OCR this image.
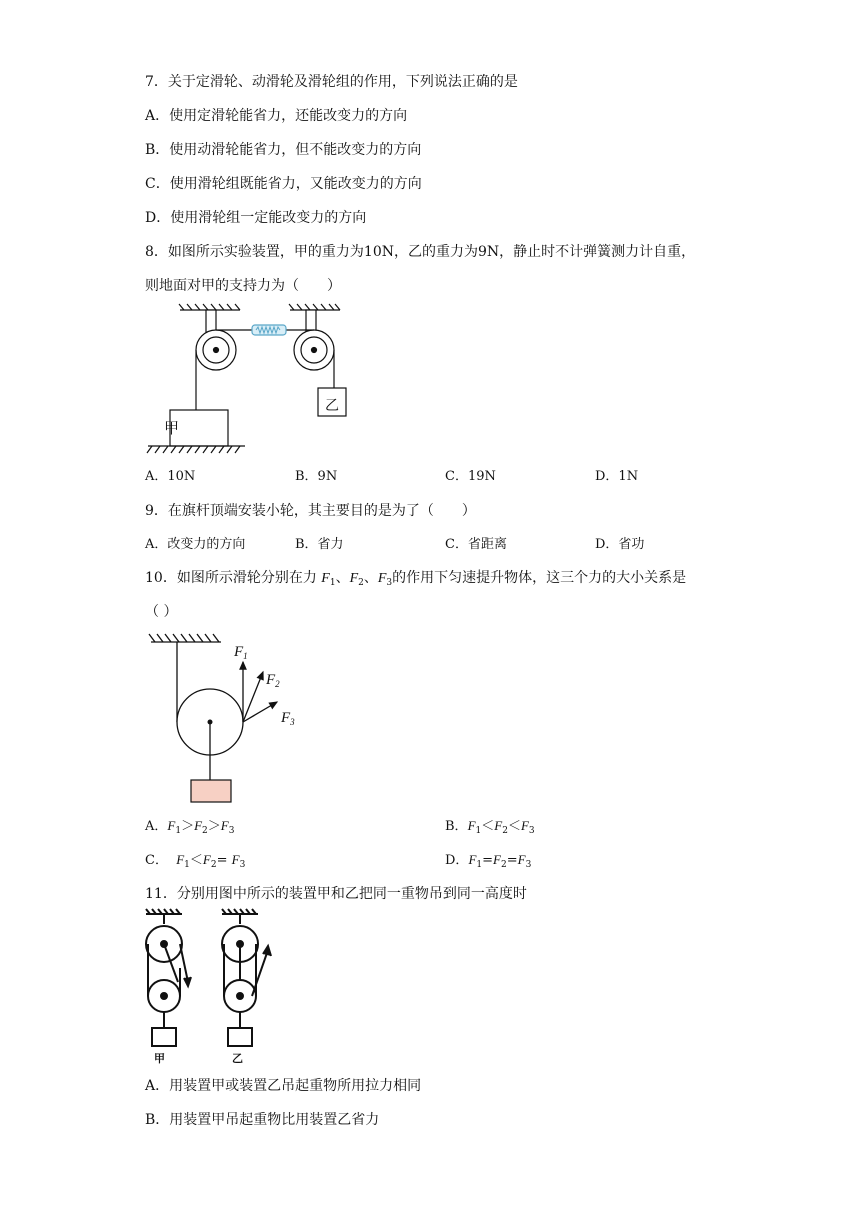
7．关于定滑轮、动滑轮及滑轮组的作用，下列说法正确的是
A．使用定滑轮能省力，还能改变力的方向
B．使用动滑轮能省力，但不能改变力的方向
C．使用滑轮组既能省力，又能改变力的方向
D．使用滑轮组一定能改变力的方向
8．如图所示实验装置，甲的重力为10N，乙的重力为9N，静止时不计弹簧测力计自重，
则地面对甲的支持力为（　　）
甲
乙
A．10N	B．9N	C．19N	D．1N
9．在旗杆顶端安装小轮，其主要目的是为了（　　）
A．改变力的方向	B．省力	C．省距离	D．省功
10．如图所示滑轮分别在力 $F_1$、$F_2$、$F_3$的作用下匀速提升物体，这三个力的大小关系是
（ ）
$F_1$
$F_2$
$F_3$
A．$F_1>F_2>F_3$	B．$F_1<F_2<F_3$
C． $F_1<F_2= F_3$	D．$F_1=F_2=F_3$
11．分别用图中所示的装置甲和乙把同一重物吊到同一高度时
甲	乙
A．用装置甲或装置乙吊起重物所用拉力相同
B．用装置甲吊起重物比用装置乙省力
